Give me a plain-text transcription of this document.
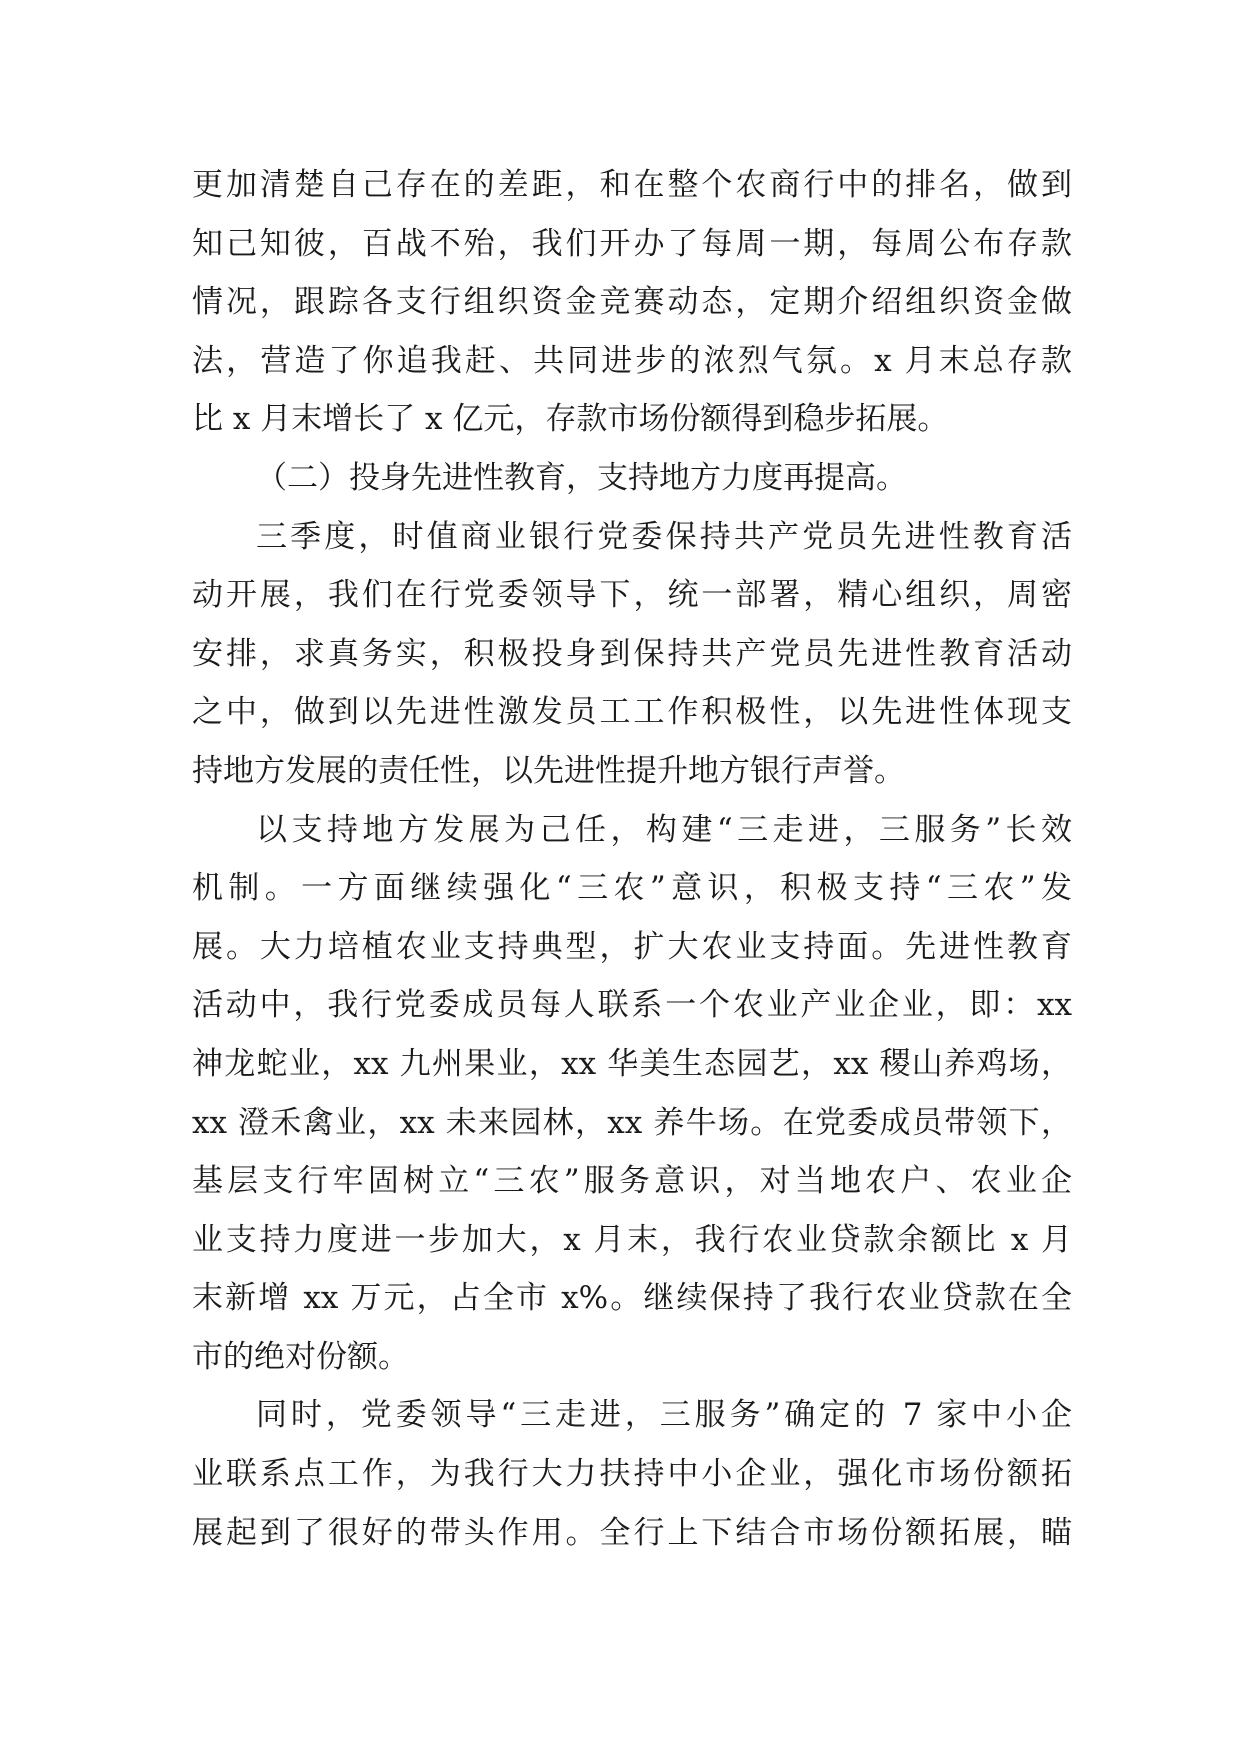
更加清楚自己存在的差距，和在整个农商行中的排名，做到
知己知彼，百战不殆，我们开办了每周一期，每周公布存款
情况，跟踪各支行组织资金竞赛动态，定期介绍组织资金做
法，营造了你追我赶、共同进步的浓烈气氛。x 月末总存款
比 x 月末增长了 x 亿元，存款市场份额得到稳步拓展。
（二）投身先进性教育，支持地方力度再提高。
三季度，时值商业银行党委保持共产党员先进性教育活
动开展，我们在行党委领导下，统一部署，精心组织，周密
安排，求真务实，积极投身到保持共产党员先进性教育活动
之中，做到以先进性激发员工工作积极性，以先进性体现支
持地方发展的责任性，以先进性提升地方银行声誉。
以支持地方发展为己任，构建“三走进，三服务”长效
机制。一方面继续强化“三农”意识，积极支持“三农”发
展。大力培植农业支持典型，扩大农业支持面。先进性教育
活动中，我行党委成员每人联系一个农业产业企业，即：xx
神龙蛇业，xx 九州果业，xx 华美生态园艺，xx 稷山养鸡场，
xx 澄禾禽业，xx 未来园林，xx 养牛场。在党委成员带领下，
基层支行牢固树立“三农”服务意识，对当地农户、农业企
业支持力度进一步加大，x 月末，我行农业贷款余额比 x 月
末新增 xx 万元，占全市 x%。继续保持了我行农业贷款在全
市的绝对份额。
同时，党委领导“三走进，三服务”确定的 7 家中小企
业联系点工作，为我行大力扶持中小企业，强化市场份额拓
展起到了很好的带头作用。全行上下结合市场份额拓展，瞄
